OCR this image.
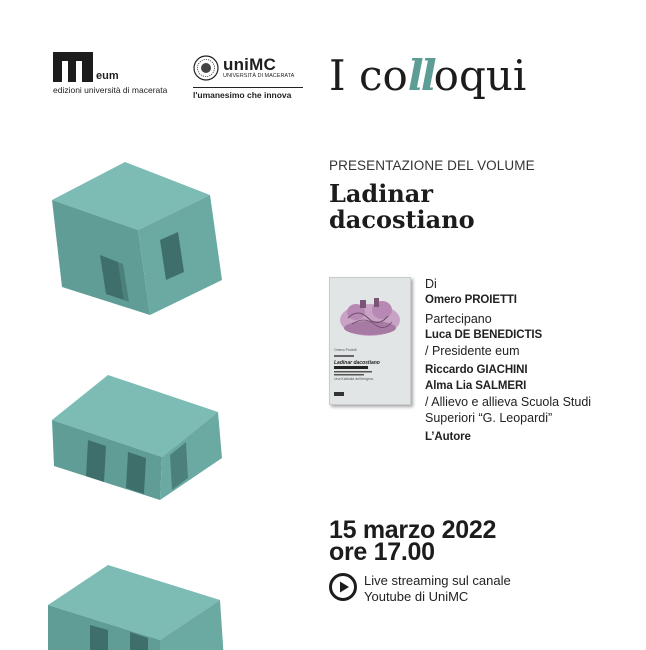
eum
edizioni università di macerata
uniMC
UNIVERSITÀ DI MACERATA
l'umanesimo che innova I colloqui
PRESENTAZIONE DEL VOLUME
Ladinar
dacostiano
Omero Proietti
Ladinar dacostiano
Una Kabbalà dell’enigma
Di
Omero PROIETTI
Partecipano
Luca DE BENEDICTIS
/ Presidente eum
Riccardo GIACHINI
Alma Lia SALMERI
/ Allievo e allieva Scuola Studi
Superiori “G. Leopardi”
L’Autore
15 marzo 2022
ore 17.00
Live streaming sul canale
Youtube di UniMC
